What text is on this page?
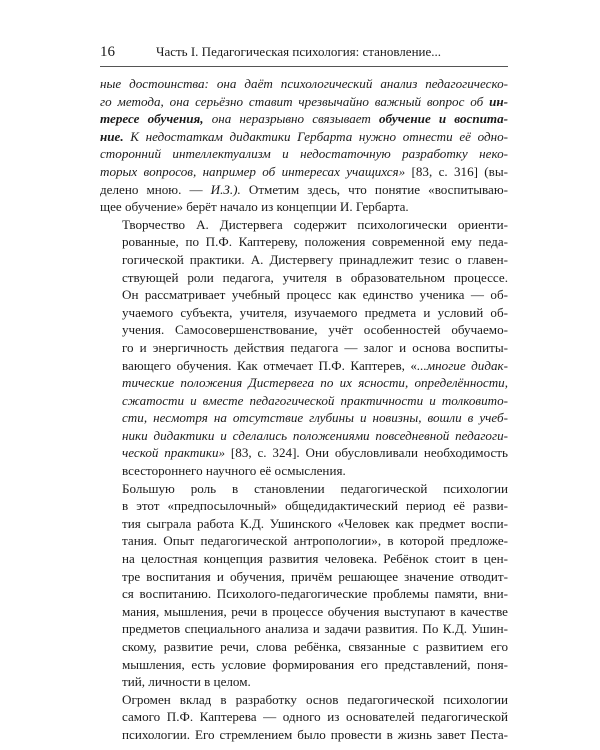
16	Часть I. Педагогическая психология: становление...

ные достоинства: она даёт психологический анализ педагогическо-
го метода, она серьёзно ставит чрезвычайно важный вопрос об ин-
тересе обучения, она неразрывно связывает обучение и воспита-
ние. К недостаткам дидактики Гербарта нужно отнести её одно-
сторонний интеллектуализм и недостаточную разработку неко-
торых вопросов, например об интересах учащихся» [83, с. 316] (вы-
делено мною. — И.З.). Отметим здесь, что понятие «воспитываю-
щее обучение» берёт начало из концепции И. Гербарта.

Творчество А. Дистервега содержит психологически ориенти-
рованные, по П.Ф. Каптереву, положения современной ему педа-
гогической практики. А. Дистервегу принадлежит тезис о главен-
ствующей роли педагога, учителя в образовательном процессе.
Он рассматривает учебный процесс как единство ученика — об-
учаемого субъекта, учителя, изучаемого предмета и условий об-
учения. Самосовершенствование, учёт особенностей обучаемо-
го и энергичность действия педагога — залог и основа воспиты-
вающего обучения. Как отмечает П.Ф. Каптерев, «...многие дидак-
тические положения Дистервега по их ясности, определённости,
сжатости и вместе педагогической практичности и толковито-
сти, несмотря на отсутствие глубины и новизны, вошли в учеб-
ники дидактики и сделались положениями повседневной педагоги-
ческой практики» [83, с. 324]. Они обусловливали необходимость
всестороннего научного её осмысления.

Большую роль в становлении педагогической психологии
в этот «предпосылочный» общедидактический период её разви-
тия сыграла работа К.Д. Ушинского «Человек как предмет воспи-
тания. Опыт педагогической антропологии», в которой предложе-
на целостная концепция развития человека. Ребёнок стоит в цен-
тре воспитания и обучения, причём решающее значение отводит-
ся воспитанию. Психолого-педагогические проблемы памяти, вни-
мания, мышления, речи в процессе обучения выступают в качестве
предметов специального анализа и задачи развития. По К.Д. Ушин-
скому, развитие речи, слова ребёнка, связанные с развитием его
мышления, есть условие формирования его представлений, поня-
тий, личности в целом.

Огромен вклад в разработку основ педагогической психологии
самого П.Ф. Каптерева — одного из основателей педагогической
психологии. Его стремлением было провести в жизнь завет Песта-
